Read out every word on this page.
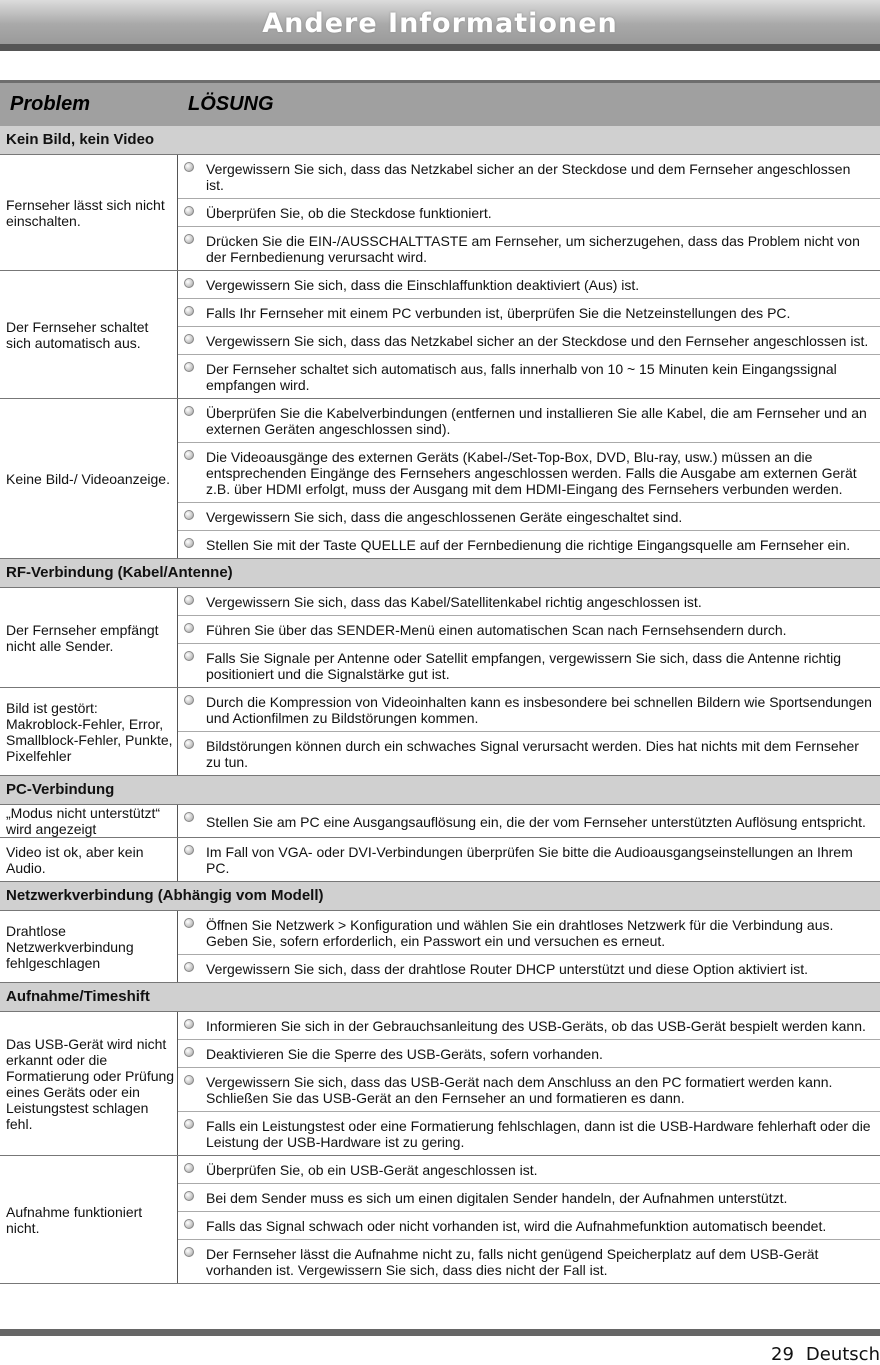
Andere Informationen
Problem	LÖSUNG
Kein Bild, kein Video	
Fernseher lässt sich nicht einschalten.	Vergewissern Sie sich, dass das Netzkabel sicher an der Steckdose und dem Fernseher angeschlossen ist.

Überprüfen Sie, ob die Steckdose funktioniert.

Drücken Sie die EIN-/AUSSCHALTTASTE am Fernseher, um sicherzugehen, dass das Problem nicht von der Fernbedienung verursacht wird.
Der Fernseher schaltet sich automatisch aus.	Vergewissern Sie sich, dass die Einschlaffunktion deaktiviert (Aus) ist.

Falls Ihr Fernseher mit einem PC verbunden ist, überprüfen Sie die Netzeinstellungen des PC.

Vergewissern Sie sich, dass das Netzkabel sicher an der Steckdose und den Fernseher angeschlossen ist.

Der Fernseher schaltet sich automatisch aus, falls innerhalb von 10 ~ 15 Minuten kein Eingangssignal empfangen wird.
Keine Bild-/ Videoanzeige.	Überprüfen Sie die Kabelverbindungen (entfernen und installieren Sie alle Kabel, die am Fernseher und an externen Geräten angeschlossen sind).

Die Videoausgänge des externen Geräts (Kabel-/Set-Top-Box, DVD, Blu-ray, usw.) müssen an die entsprechenden Eingänge des Fernsehers angeschlossen werden. Falls die Ausgabe am externen Gerät z.B. über HDMI erfolgt, muss der Ausgang mit dem HDMI-Eingang des Fernsehers verbunden werden.

Vergewissern Sie sich, dass die angeschlossenen Geräte eingeschaltet sind.

Stellen Sie mit der Taste QUELLE auf der Fernbedienung die richtige Eingangsquelle am Fernseher ein.
RF-Verbindung (Kabel/Antenne)	
Der Fernseher empfängt nicht alle Sender.	Vergewissern Sie sich, dass das Kabel/Satellitenkabel richtig angeschlossen ist.

Führen Sie über das SENDER-Menü einen automatischen Scan nach Fernsehsendern durch.

Falls Sie Signale per Antenne oder Satellit empfangen, vergewissern Sie sich, dass die Antenne richtig positioniert und die Signalstärke gut ist.
Bild ist gestört: Makroblock-Fehler, Error, Smallblock-Fehler, Punkte, Pixelfehler	Durch die Kompression von Videoinhalten kann es insbesondere bei schnellen Bildern wie Sportsendungen und Actionfilmen zu Bildstörungen kommen.

Bildstörungen können durch ein schwaches Signal verursacht werden. Dies hat nichts mit dem Fernseher zu tun.
PC-Verbindung	
„Modus nicht unterstützt“ wird angezeigt	Stellen Sie am PC eine Ausgangsauflösung ein, die der vom Fernseher unterstützten Auflösung entspricht.
Video ist ok, aber kein Audio.	Im Fall von VGA- oder DVI-Verbindungen überprüfen Sie bitte die Audioausgangseinstellungen an Ihrem PC.
Netzwerkverbindung (Abhängig vom Modell)	
Drahtlose Netzwerkverbindung fehlgeschlagen	Öffnen Sie Netzwerk > Konfiguration und wählen Sie ein drahtloses Netzwerk für die Verbindung aus. Geben Sie, sofern erforderlich, ein Passwort ein und versuchen es erneut.

Vergewissern Sie sich, dass der drahtlose Router DHCP unterstützt und diese Option aktiviert ist.
Aufnahme/Timeshift	
Das USB-Gerät wird nicht erkannt oder die Formatierung oder Prüfung eines Geräts oder ein Leistungstest schlagen fehl.	Informieren Sie sich in der Gebrauchsanleitung des USB-Geräts, ob das USB-Gerät bespielt werden kann.

Deaktivieren Sie die Sperre des USB-Geräts, sofern vorhanden.

Vergewissern Sie sich, dass das USB-Gerät nach dem Anschluss an den PC formatiert werden kann. Schließen Sie das USB-Gerät an den Fernseher an und formatieren es dann.

Falls ein Leistungstest oder eine Formatierung fehlschlagen, dann ist die USB-Hardware fehlerhaft oder die Leistung der USB-Hardware ist zu gering.
Aufnahme funktioniert nicht.	Überprüfen Sie, ob ein USB-Gerät angeschlossen ist.

Bei dem Sender muss es sich um einen digitalen Sender handeln, der Aufnahmen unterstützt.

Falls das Signal schwach oder nicht vorhanden ist, wird die Aufnahmefunktion automatisch beendet.

Der Fernseher lässt die Aufnahme nicht zu, falls nicht genügend Speicherplatz auf dem USB-Gerät vorhanden ist. Vergewissern Sie sich, dass dies nicht der Fall ist.
29 Deutsch
